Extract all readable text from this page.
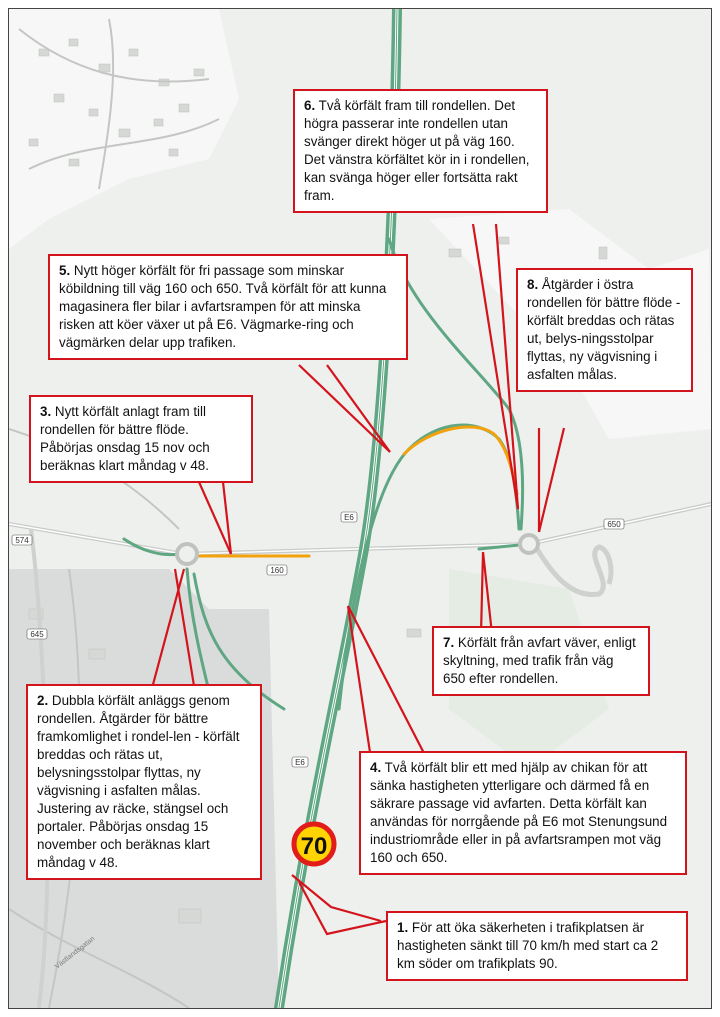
E6
E6
160
650
574
645
Västlandsgatan
70
1. För att öka säkerheten i trafikplatsen är hastigheten sänkt till 70 km/h med start ca 2 km söder om trafikplats 90.
2. Dubbla körfält anläggs genom rondellen. Åtgärder för bättre framkomlighet i rondel-len - körfält breddas och rätas ut, belysningsstolpar flyttas, ny vägvisning i asfalten målas. Justering av räcke, stängsel och portaler. Påbörjas onsdag 15 november och beräknas klart måndag v 48.
3. Nytt körfält anlagt fram till rondellen för bättre flöde. Påbörjas onsdag 15 nov och beräknas klart måndag v 48.
4. Två körfält blir ett med hjälp av chikan för att sänka hastigheten ytterligare och därmed få en säkrare passage vid avfarten. Detta körfält kan användas för norrgående på E6 mot Stenungsund industriområde eller in på avfartsrampen mot väg 160 och 650.
5. Nytt höger körfält för fri passage som minskar köbildning till väg 160 och 650. Två körfält för att kunna magasinera fler bilar i avfartsrampen för att minska risken att köer växer ut på E6. Vägmarke-ring och vägmärken delar upp trafiken.
6. Två körfält fram till rondellen. Det högra passerar inte rondellen utan svänger direkt höger ut på väg 160. Det vänstra körfältet kör in i rondellen, kan svänga höger eller fortsätta rakt fram.
7. Körfält från avfart väver, enligt skyltning, med trafik från väg 650 efter rondellen.
8. Åtgärder i östra rondellen för bättre flöde - körfält breddas och rätas ut, belys-ningsstolpar flyttas, ny vägvisning i asfalten målas.
